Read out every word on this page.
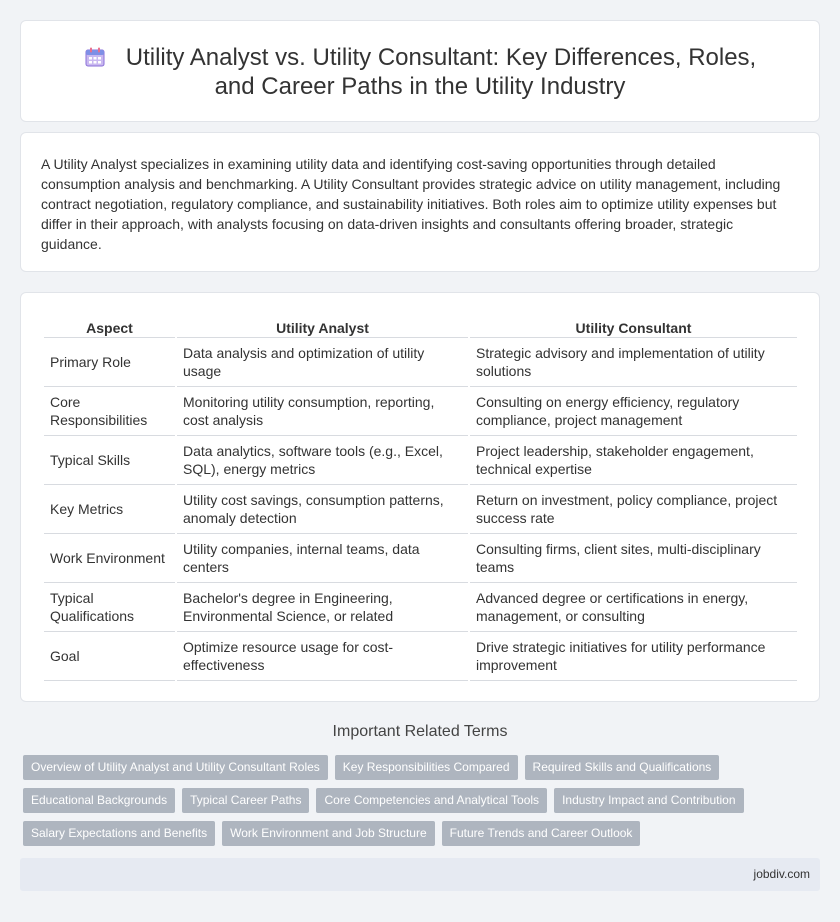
Utility Analyst vs. Utility Consultant: Key Differences, Roles, and Career Paths in the Utility Industry

A Utility Analyst specializes in examining utility data and identifying cost-saving opportunities through detailed consumption analysis and benchmarking. A Utility Consultant provides strategic advice on utility management, including contract negotiation, regulatory compliance, and sustainability initiatives. Both roles aim to optimize utility expenses but differ in their approach, with analysts focusing on data-driven insights and consultants offering broader, strategic guidance.

Aspect	Utility Analyst	Utility Consultant
Primary Role	Data analysis and optimization of utility usage	Strategic advisory and implementation of utility solutions
Core Responsibilities	Monitoring utility consumption, reporting, cost analysis	Consulting on energy efficiency, regulatory compliance, project management
Typical Skills	Data analytics, software tools (e.g., Excel, SQL), energy metrics	Project leadership, stakeholder engagement, technical expertise
Key Metrics	Utility cost savings, consumption patterns, anomaly detection	Return on investment, policy compliance, project success rate
Work Environment	Utility companies, internal teams, data centers	Consulting firms, client sites, multi-disciplinary teams
Typical Qualifications	Bachelor's degree in Engineering, Environmental Science, or related	Advanced degree or certifications in energy, management, or consulting
Goal	Optimize resource usage for cost-effectiveness	Drive strategic initiatives for utility performance improvement
Important Related Terms
Overview of Utility Analyst and Utility Consultant Roles	Key Responsibilities Compared	Required Skills and Qualifications
Educational Backgrounds	Typical Career Paths	Core Competencies and Analytical Tools	Industry Impact and Contribution
Salary Expectations and Benefits	Work Environment and Job Structure	Future Trends and Career Outlook
jobdiv.com
